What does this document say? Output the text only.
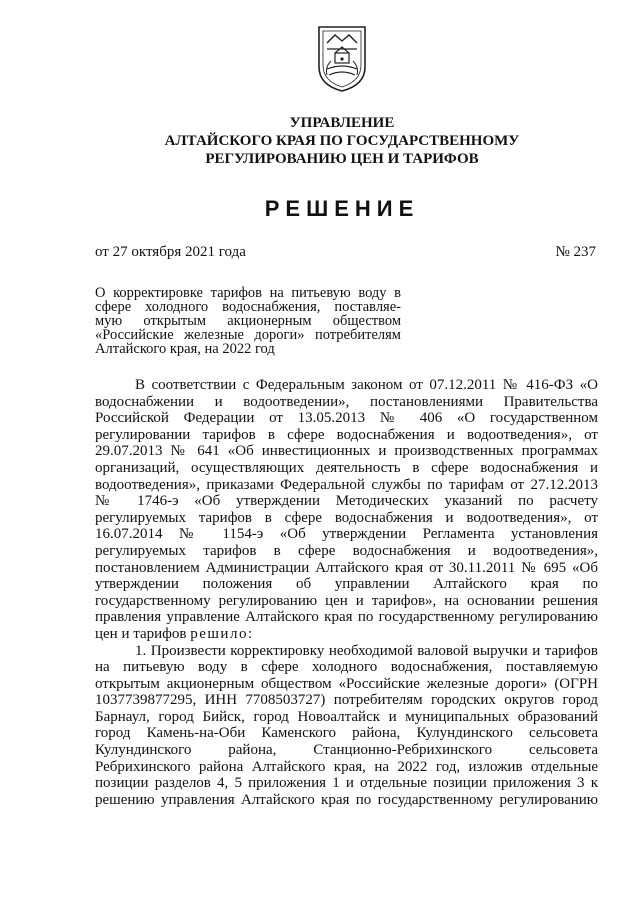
УПРАВЛЕНИЕ
АЛТАЙСКОГО КРАЯ ПО ГОСУДАРСТВЕННОМУ
РЕГУЛИРОВАНИЮ ЦЕН И ТАРИФОВ
РЕШЕНИЕ
от 27 октября 2021 года	№ 237
О корректировке тарифов на питьевую воду в
сфере холодного водоснабжения, поставляе-
мую открытым акционерным обществом
«Российские железные дороги» потребителям
Алтайского края, на 2022 год

В соответствии с Федеральным законом от 07.12.2011 № 416-ФЗ «О
водоснабжении и водоотведении», постановлениями Правительства
Российской Федерации от 13.05.2013 № 406 «О государственном
регулировании тарифов в сфере водоснабжения и водоотведения», от
29.07.2013 № 641 «Об инвестиционных и производственных программах
организаций, осуществляющих деятельность в сфере водоснабжения и
водоотведения», приказами Федеральной службы по тарифам от 27.12.2013
№ 1746-э «Об утверждении Методических указаний по расчету
регулируемых тарифов в сфере водоснабжения и водоотведения», от
16.07.2014 № 1154-э «Об утверждении Регламента установления
регулируемых тарифов в сфере водоснабжения и водоотведения»,
постановлением Администрации Алтайского края от 30.11.2011 № 695 «Об
утверждении положения об управлении Алтайского края по
государственному регулированию цен и тарифов», на основании решения
правления управление Алтайского края по государственному регулированию
цен и тарифов решило:

1. Произвести корректировку необходимой валовой выручки и тарифов
на питьевую воду в сфере холодного водоснабжения, поставляемую
открытым акционерным обществом «Российские железные дороги» (ОГРН
1037739877295, ИНН 7708503727) потребителям городских округов город
Барнаул, город Бийск, город Новоалтайск и муниципальных образований
город Камень-на-Оби Каменского района, Кулундинского сельсовета
Кулундинского района, Станционно-Ребрихинского сельсовета
Ребрихинского района Алтайского края, на 2022 год, изложив отдельные
позиции разделов 4, 5 приложения 1 и отдельные позиции приложения 3 к
решению управления Алтайского края по государственному регулированию
